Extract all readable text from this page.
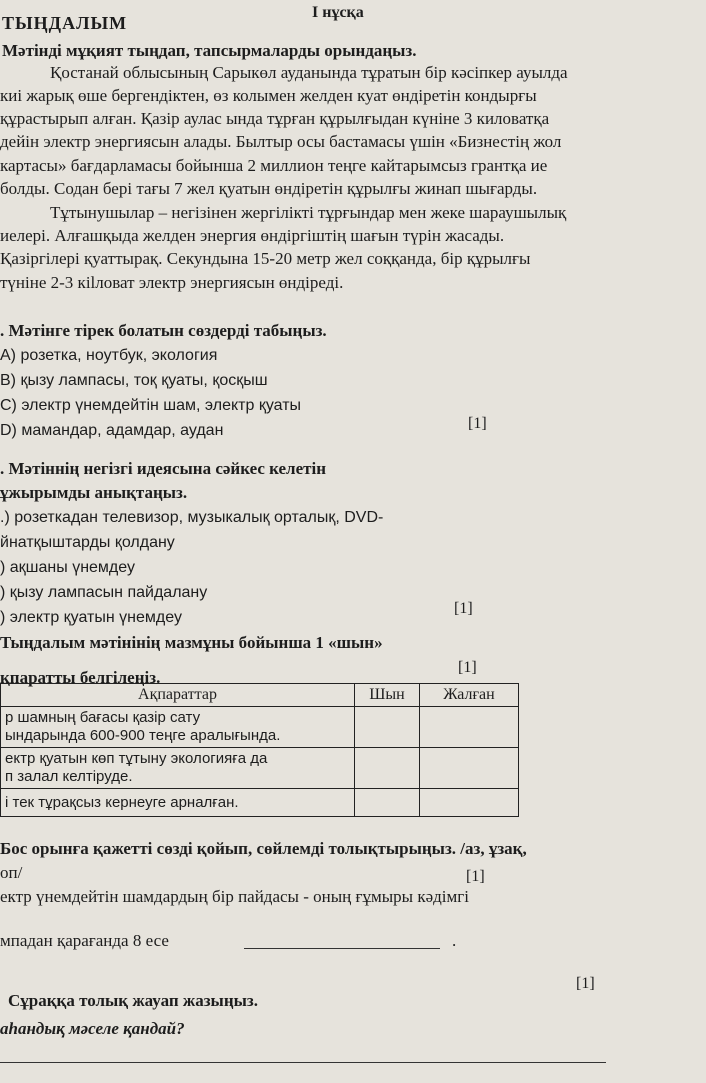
І нұсқа
ТЫҢДАЛЫМ
Мәтінді мұқият тыңдап, тапсырмаларды орындаңыз.
Қостанай облысының Сарыкөл ауданында тұратын бір кәсіпкер ауылда
киі жарық өше бергендіктен, өз колымен желден куат өндіретін кондырғы
құрастырып алған. Қазір аулас ында тұрған құрылғыдан күніне 3 киловатқа
дейін электр энергиясын алады. Былтыр осы бастамасы үшін «Бизнестің жол
картасы» бағдарламасы бойынша 2 миллион теңге кайтарымсыз грантқа ие
болды. Содан бері тағы 7 жел қуатын өндіретін құрылғы жинап шығарды.
Тұтынушылар – негізінен жергілікті тұрғындар мен жеке шараушылық
иелері. Алғашқыда желден энергия өндіргіштің шағын түрін жасады.
Қазіргілері қуаттырақ. Секундына 15-20 метр жел соққанда, бір құрылғы
түніне 2-3 кilловат электр энергиясын өндіреді.
. Мәтінге тірек болатын сөздерді табыңыз.
А) розетка, ноутбук, экология
В) қызу лампасы, тоқ қуаты, қосқыш
С) электр үнемдейтін шам, электр қуаты
D) мамандар, адамдар, аудан	[1]
. Мәтіннің негізгі идеясына сәйкес келетін
ұжырымды анықтаңыз.
.) розеткадан телевизор, музыкалық орталық, DVD-
йнатқыштарды қолдану
) ақшаны үнемдеу
) қызу лампасын пайдалану
) электр қуатын үнемдеу
[1]
Тыңдалым мәтінінің мазмұны бойынша 1 «шын»
қпаратты белгілеңіз.
[1]
Ақпараттар	Шын	Жалған

р шамның бағасы қазір сату
ындарында 600-900 теңге аралығында.		

ектр қуатын көп тұтыну экологияға да
п залал келтіруде.		

і тек тұрақсыз кернеуге арналған.		

Бос орынға қажетті сөзді қойып, сөйлемді толықтырыңыз. /аз, ұзақ,
оп/	[1]
ектр үнемдейтін шамдардың бір пайдасы - оның ғұмыры кәдімгі
мпадан қарағанда 8 есе	.
Сұраққа толық жауап жазыңыз.
[1]
аһандық мәселе қандай?
